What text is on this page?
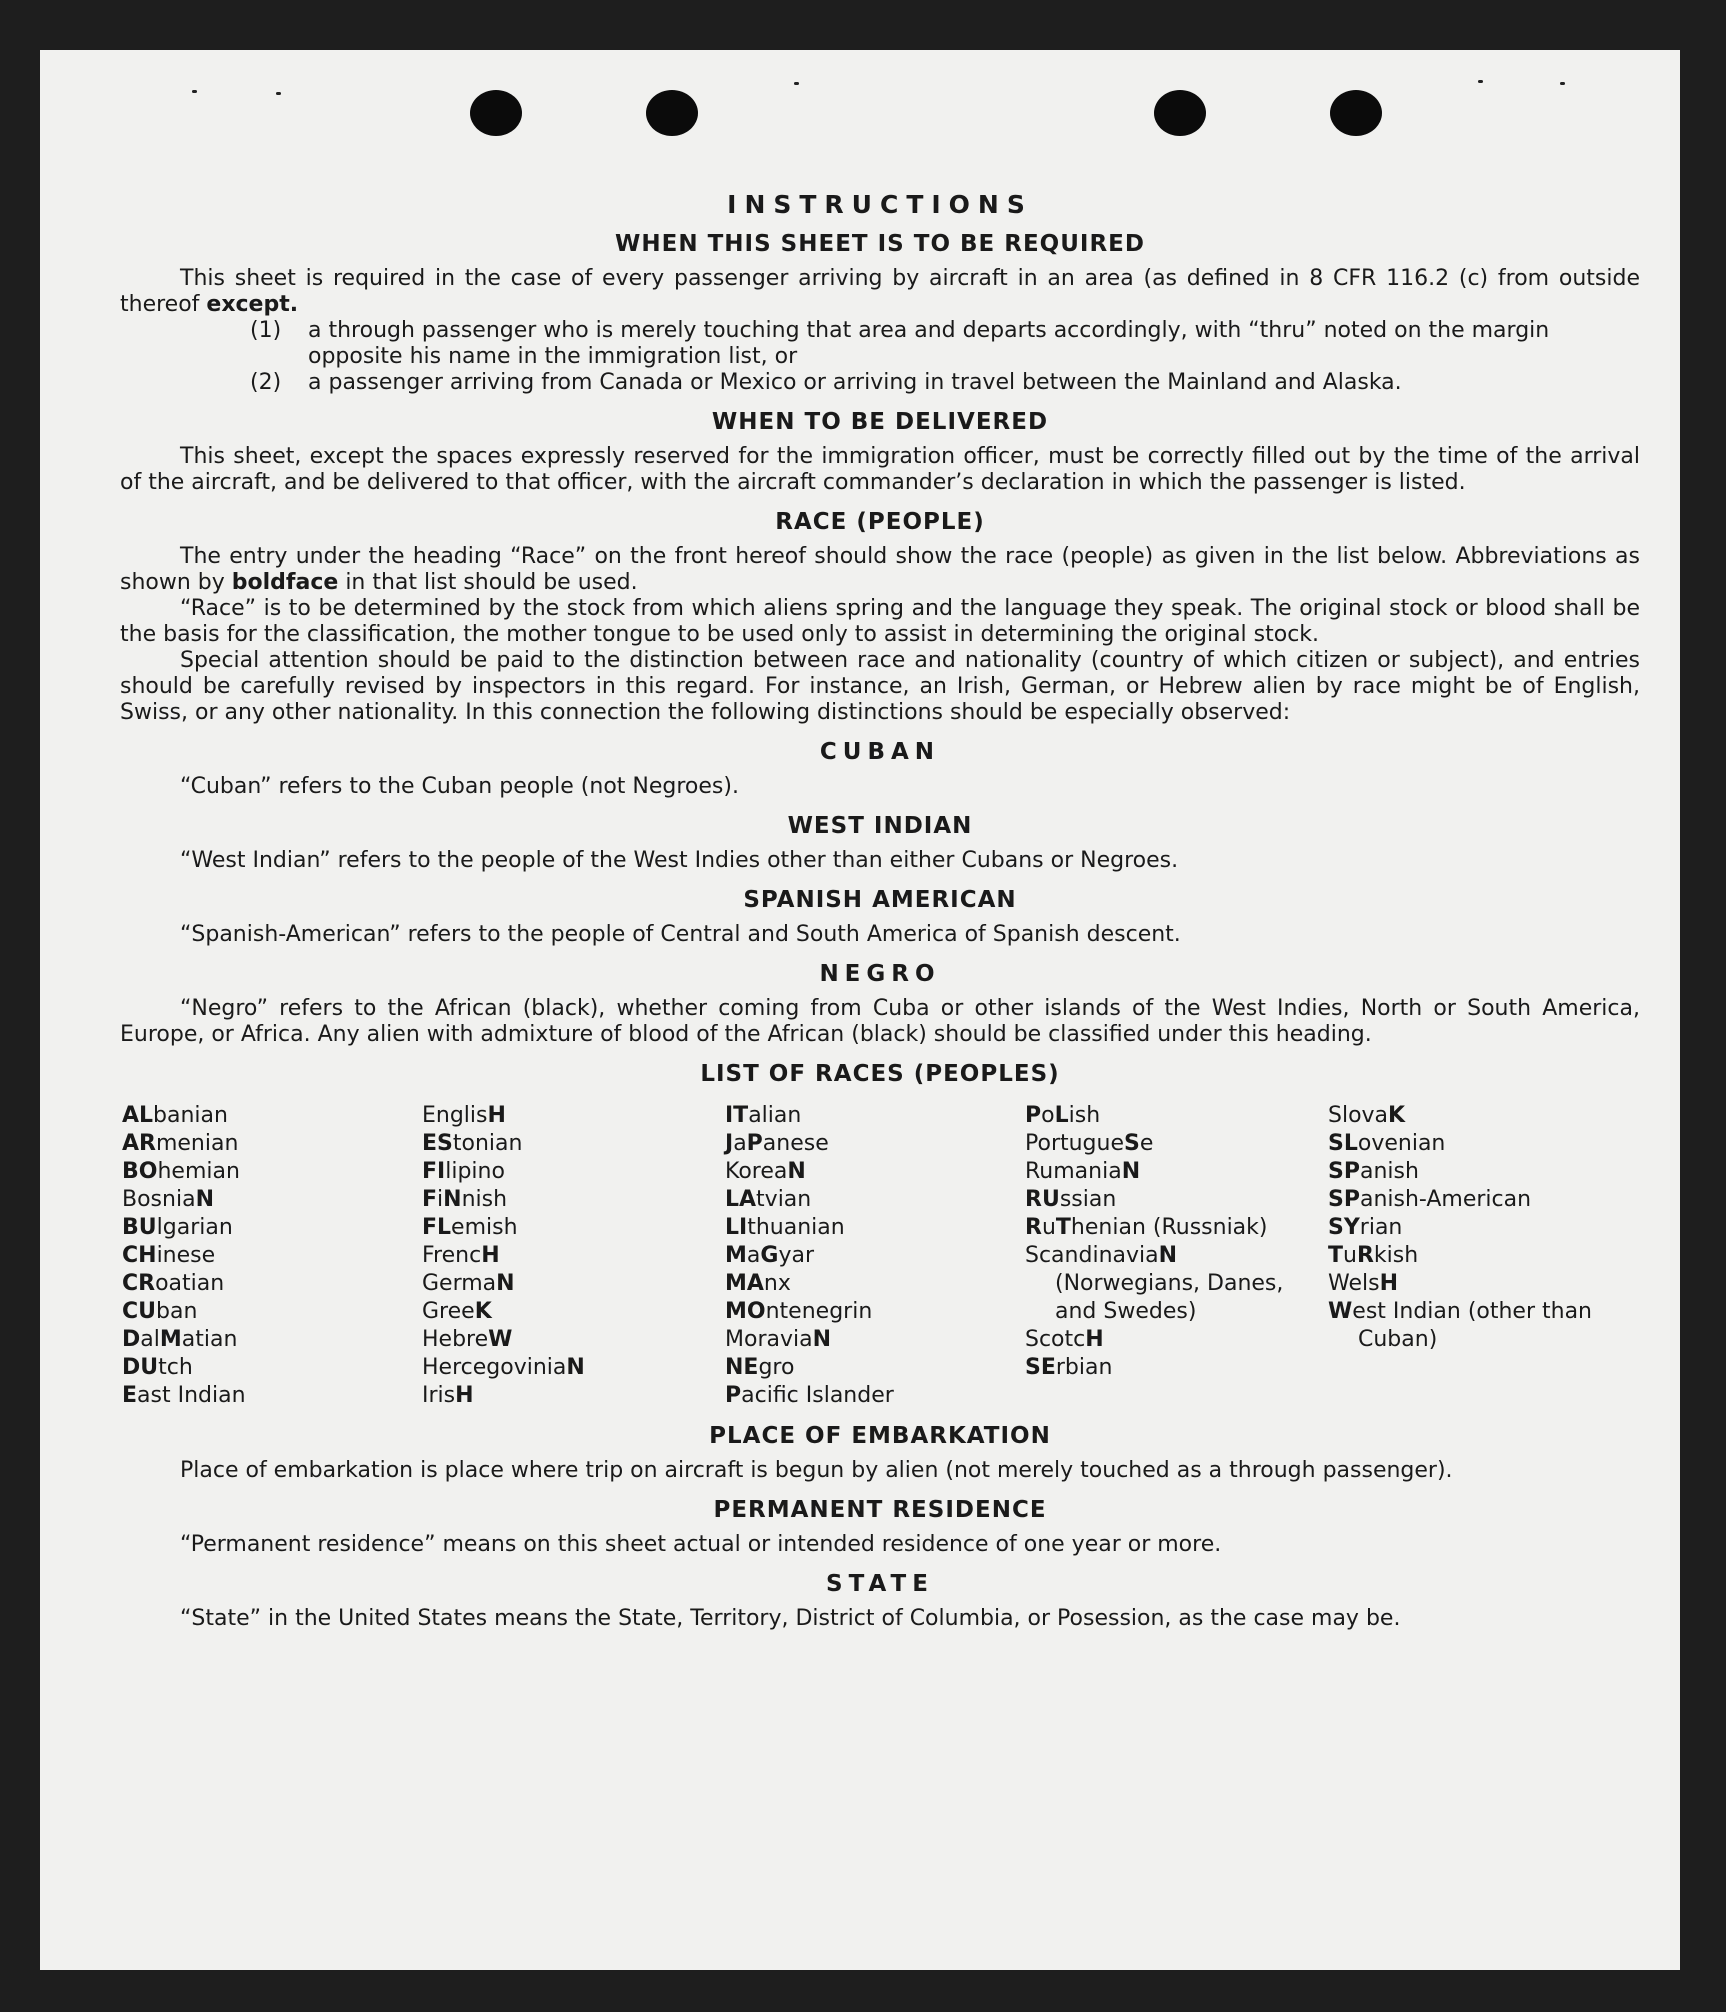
INSTRUCTIONS
WHEN THIS SHEET IS TO BE REQUIRED

This sheet is required in the case of every passenger arriving by aircraft in an area (as defined in 8 CFR 116.2 (c) from outside thereof except.

(1)	a through passenger who is merely touching that area and departs accordingly, with “thru” noted on the margin opposite his name in the immigration list, or
(2)	a passenger arriving from Canada or Mexico or arriving in travel between the Mainland and Alaska.
WHEN TO BE DELIVERED

This sheet, except the spaces expressly reserved for the immigration officer, must be correctly filled out by the time of the arrival of the aircraft, and be delivered to that officer, with the aircraft commander’s declaration in which the passenger is listed.

RACE (PEOPLE)

The entry under the heading “Race” on the front hereof should show the race (people) as given in the list below. Abbreviations as shown by boldface in that list should be used.

“Race” is to be determined by the stock from which aliens spring and the language they speak. The original stock or blood shall be the basis for the classification, the mother tongue to be used only to assist in determining the original stock.

Special attention should be paid to the distinction between race and nationality (country of which citizen or subject), and entries should be carefully revised by inspectors in this regard. For instance, an Irish, German, or Hebrew alien by race might be of English, Swiss, or any other nationality. In this connection the following distinctions should be especially observed:

CUBAN

“Cuban” refers to the Cuban people (not Negroes).

WEST INDIAN

“West Indian” refers to the people of the West Indies other than either Cubans or Negroes.

SPANISH AMERICAN

“Spanish-American” refers to the people of Central and South America of Spanish descent.

NEGRO

“Negro” refers to the African (black), whether coming from Cuba or other islands of the West Indies, North or South America, Europe, or Africa. Any alien with admixture of blood of the African (black) should be classified under this heading.

LIST OF RACES (PEOPLES)
ALbanian
ARmenian
BOhemian
BosniaN
BUlgarian
CHinese
CRoatian
CUban
DalMatian
DUtch
East Indian
EnglisH
EStonian
FIlipino
FiNnish
FLemish
FrencH
GermaN
GreeK
HebreW
HercegoviniaN
IrisH
ITalian
JaPanese
KoreaN
LAtvian
LIthuanian
MaGyar
MAnx
MOntenegrin
MoraviaN
NEgro
Pacific Islander
PoLish
PortugueSe
RumaniaN
RUssian
RuThenian (Russniak)
ScandinaviaN (Norwegians, Danes, and Swedes)
ScotcH
SErbian
SlovaK
SLovenian
SPanish
SPanish-American
SYrian
TuRkish
WelsH
West Indian (other than Cuban)
PLACE OF EMBARKATION

Place of embarkation is place where trip on aircraft is begun by alien (not merely touched as a through passenger).

PERMANENT RESIDENCE

“Permanent residence” means on this sheet actual or intended residence of one year or more.

STATE

“State” in the United States means the State, Territory, District of Columbia, or Posession, as the case may be.
